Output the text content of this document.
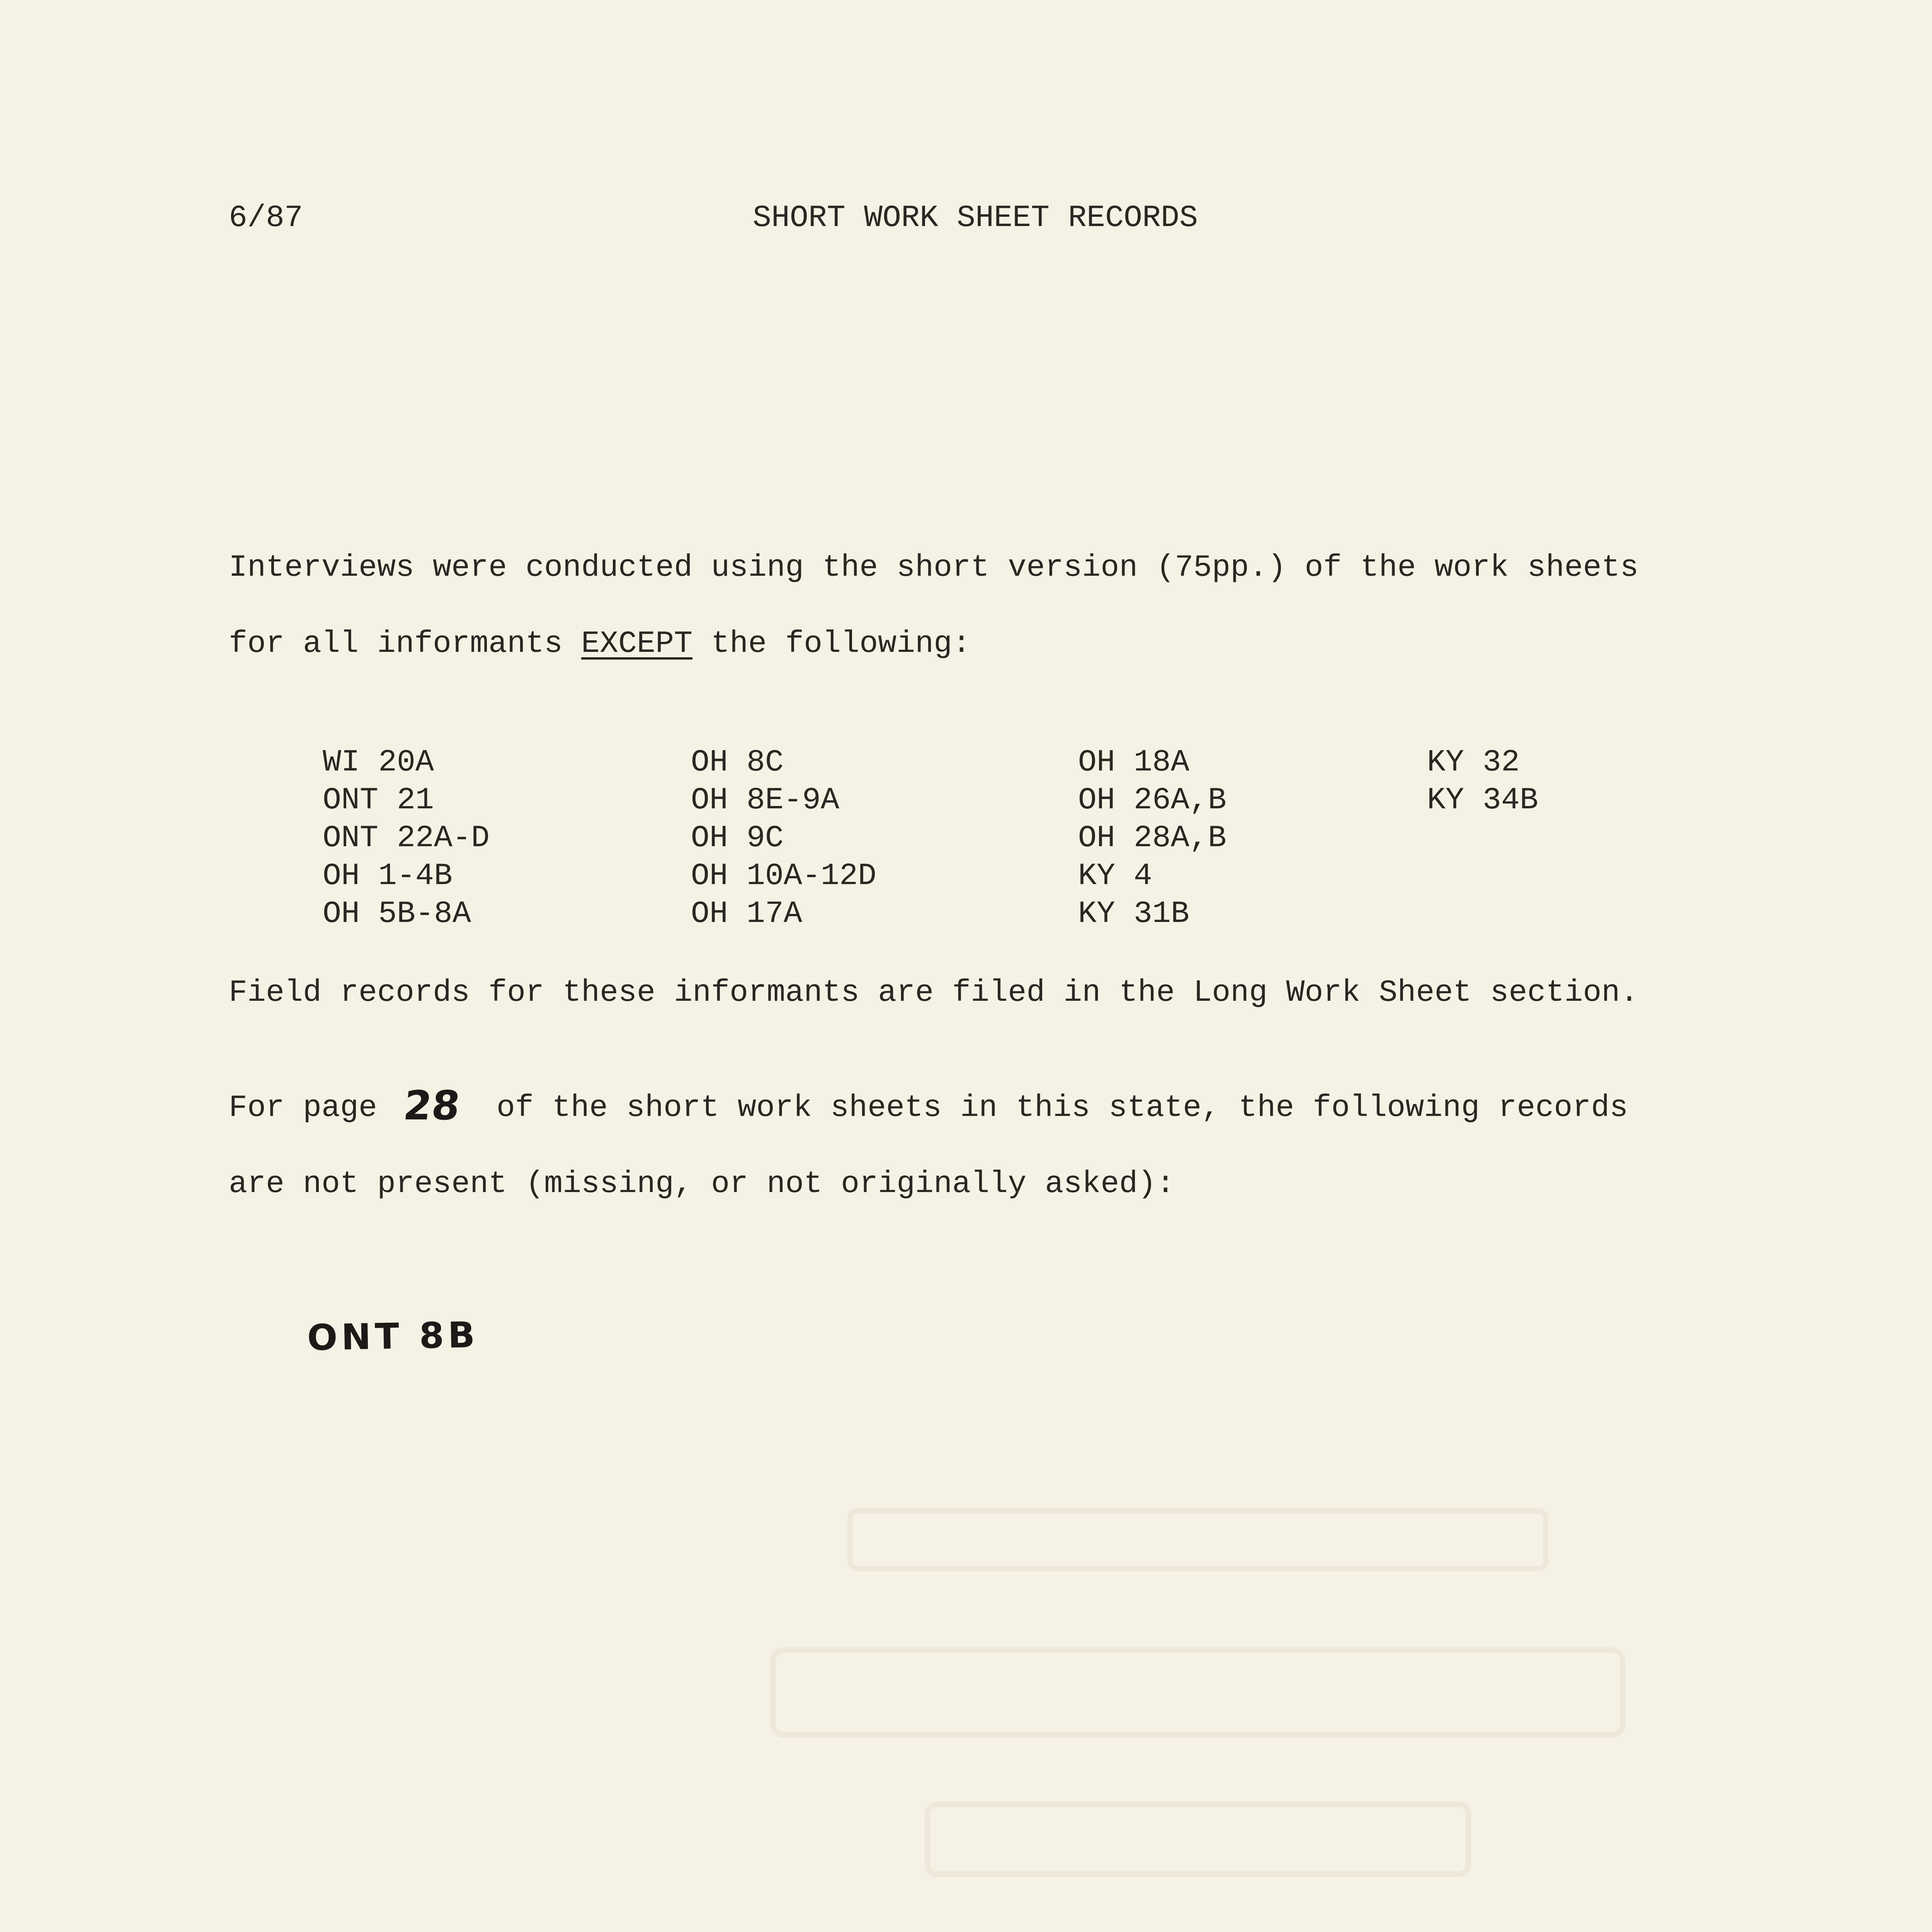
6/87	SHORT WORK SHEET RECORDS
Interviews were conducted using the short version (75pp.) of the work sheets
for all informants EXCEPT the following:
WI 20A
ONT 21
ONT 22A-D
OH 1-4B
OH 5B-8A
OH 8C
OH 8E-9A
OH 9C
OH 10A-12D
OH 17A
OH 18A
OH 26A,B
OH 28A,B
KY 4
KY 31B
KY 32
KY 34B
Field records for these informants are filed in the Long Work Sheet section.
For page 28 of the short work sheets in this state, the following records
are not present (missing, or not originally asked):
ONT 8B
